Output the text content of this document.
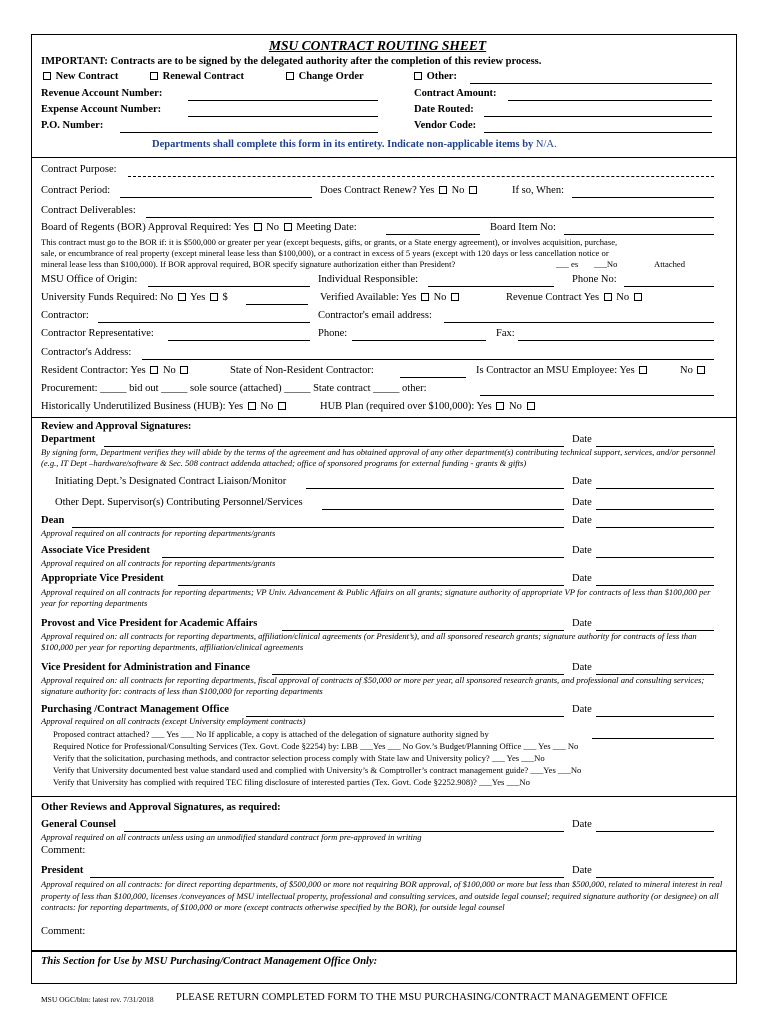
MSU CONTRACT ROUTING SHEET
IMPORTANT: Contracts are to be signed by the delegated authority after the completion of this review process.
New Contract	Renewal Contract	Change Order	Other:
Revenue Account Number:	Contract Amount:
Expense Account Number:	Date Routed:
P.O. Number:	Vendor Code:
Departments shall complete this form in its entirety. Indicate non-applicable items by N/A.
Contract Purpose:
Contract Period:	Does Contract Renew? Yes No	If so, When:
Contract Deliverables:
Board of Regents (BOR) Approval Required: Yes No Meeting Date:	Board Item No:
This contract must go to the BOR if: it is $500,000 or greater per year (except bequests, gifts, or grants, or a State energy agreement), or involves acquisition, purchase,
sale, or encumbrance of real property (except mineral lease less than $100,000), or a contract in excess of 5 years (except with 120 days or less cancellation notice or
mineral lease less than $100,000). If BOR approval required, BOR specify signature authorization either than President?	___ es ___No	Attached
MSU Office of Origin:	Individual Responsible:	Phone No:
University Funds Required: No Yes $	Verified Available: Yes No	Revenue Contract Yes No
Contractor:	Contractor's email address:
Contractor Representative:	Phone:	Fax:
Contractor's Address:
Resident Contractor: Yes No	State of Non-Resident Contractor:	Is Contractor an MSU Employee: Yes	No
Procurement: _____ bid out _____ sole source (attached) _____ State contract _____ other:
Historically Underutilized Business (HUB): Yes No	HUB Plan (required over $100,000): Yes No
Review and Approval Signatures:
Department	Date
By signing form, Department verifies they will abide by the terms of the agreement and has obtained approval of any other department(s) contributing technical support, services, and/or personnel (e.g., IT Dept –hardware/software & Sec. 508 contract addenda attached; office of sponsored programs for external funding - grants & gifts)
Initiating Dept.’s Designated Contract Liaison/Monitor	Date
Other Dept. Supervisor(s) Contributing Personnel/Services	Date
Dean	Date
Approval required on all contracts for reporting departments/grants
Associate Vice President	Date
Approval required on all contracts for reporting departments/grants
Appropriate Vice President	Date
Approval required on all contracts for reporting departments; VP Univ. Advancement & Public Affairs on all grants; signature authority of appropriate VP for contracts of less than $100,000 per year for reporting departments
Provost and Vice President for Academic Affairs	Date
Approval required on: all contracts for reporting departments, affiliation/clinical agreements (or President’s), and all sponsored research grants; signature authority for contracts of less than $100,000 per year for reporting departments, affiliation/clinical agreements
Vice President for Administration and Finance	Date
Approval required on: all contracts for reporting departments, fiscal approval of contracts of $50,000 or more per year, all sponsored research grants, and professional and consulting services; signature authority for: contracts of less than $100,000 for reporting departments
Purchasing /Contract Management Office	Date
Approval required on all contracts (except University employment contracts)
Proposed contract attached? ___ Yes ___ No If applicable, a copy is attached of the delegation of signature authority signed by
Required Notice for Professional/Consulting Services (Tex. Govt. Code §2254) by: LBB ___Yes ___ No Gov.’s Budget/Planning Office ___ Yes ___ No
Verify that the solicitation, purchasing methods, and contractor selection process comply with State law and University policy? ___ Yes ___No
Verify that University documented best value standard used and complied with University’s & Comptroller’s contract management guide? ___Yes ___No
Verify that University has complied with required TEC filing disclosure of interested parties (Tex. Govt. Code §2252.908)? ___Yes ___No
Other Reviews and Approval Signatures, as required:
General Counsel	Date
Approval required on all contracts unless using an unmodified standard contract form pre-approved in writing
Comment:
President	Date
Approval required on all contracts: for direct reporting departments, of $500,000 or more not requiring BOR approval, of $100,000 or more but less than $500,000, related to mineral interest in real property of less than $100,000, licenses /conveyances of MSU intellectual property, professional and consulting services, and outside legal counsel; required signature authority (or designee) on all contracts: for reporting departments, of $100,000 or more (except contracts otherwise specified by the BOR), for outside legal counsel
Comment:
This Section for Use by MSU Purchasing/Contract Management Office Only:
MSU OGC/blm: latest rev. 7/31/2018 PLEASE RETURN COMPLETED FORM TO THE MSU PURCHASING/CONTRACT MANAGEMENT OFFICE
